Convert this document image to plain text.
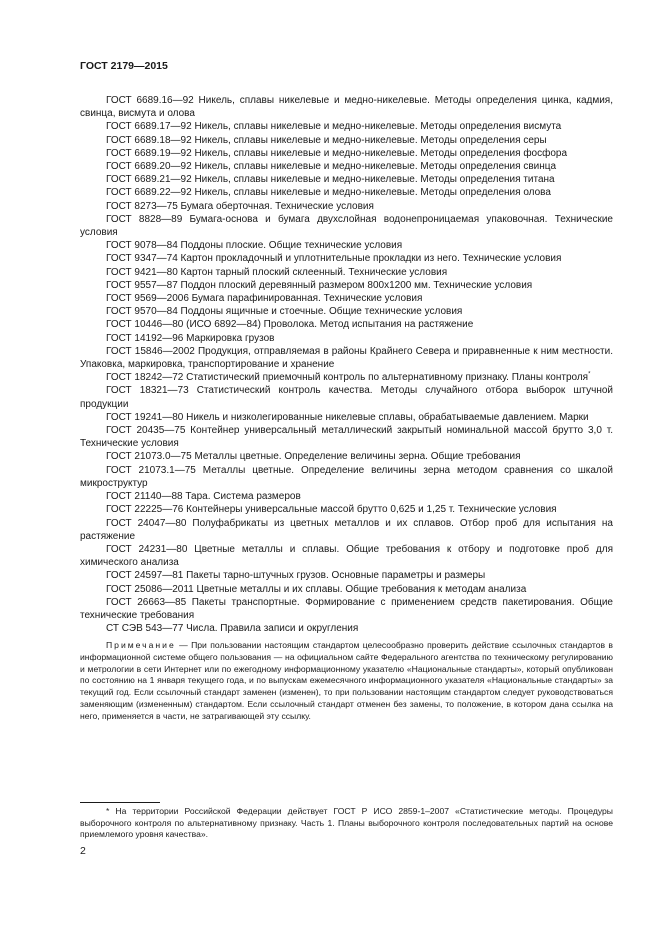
ГОСТ 2179—2015

ГОСТ 6689.16—92 Никель, сплавы никелевые и медно-никелевые. Методы определения цинка, кадмия, свинца, висмута и олова

ГОСТ 6689.17—92 Никель, сплавы никелевые и медно-никелевые. Методы определения висмута

ГОСТ 6689.18—92 Никель, сплавы никелевые и медно-никелевые. Методы определения серы

ГОСТ 6689.19—92 Никель, сплавы никелевые и медно-никелевые. Методы определения фосфора

ГОСТ 6689.20—92 Никель, сплавы никелевые и медно-никелевые. Методы определения свинца

ГОСТ 6689.21—92 Никель, сплавы никелевые и медно-никелевые. Методы определения титана

ГОСТ 6689.22—92 Никель, сплавы никелевые и медно-никелевые. Методы определения олова

ГОСТ 8273—75 Бумага оберточная. Технические условия

ГОСТ 8828—89 Бумага-основа и бумага двухслойная водонепроницаемая упаковочная. Технические условия

ГОСТ 9078—84 Поддоны плоские. Общие технические условия

ГОСТ 9347—74 Картон прокладочный и уплотнительные прокладки из него. Технические условия

ГОСТ 9421—80 Картон тарный плоский склеенный. Технические условия

ГОСТ 9557—87 Поддон плоский деревянный размером 800x1200 мм. Технические условия

ГОСТ 9569—2006 Бумага парафинированная. Технические условия

ГОСТ 9570—84 Поддоны ящичные и стоечные. Общие технические условия

ГОСТ 10446—80 (ИСО 6892—84) Проволока. Метод испытания на растяжение

ГОСТ 14192—96 Маркировка грузов

ГОСТ 15846—2002 Продукция, отправляемая в районы Крайнего Севера и приравненные к ним местности. Упаковка, маркировка, транспортирование и хранение

ГОСТ 18242—72 Статистический приемочный контроль по альтернативному признаку. Планы контроля*

ГОСТ 18321—73 Статистический контроль качества. Методы случайного отбора выборок штучной продукции

ГОСТ 19241—80 Никель и низколегированные никелевые сплавы, обрабатываемые давлением. Марки

ГОСТ 20435—75 Контейнер универсальный металлический закрытый номинальной массой брутто 3,0 т. Технические условия

ГОСТ 21073.0—75 Металлы цветные. Определение величины зерна. Общие требования

ГОСТ 21073.1—75 Металлы цветные. Определение величины зерна методом сравнения со шкалой микроструктур

ГОСТ 21140—88 Тара. Система размеров

ГОСТ 22225—76 Контейнеры универсальные массой брутто 0,625 и 1,25 т. Технические условия

ГОСТ 24047—80 Полуфабрикаты из цветных металлов и их сплавов. Отбор проб для испытания на растяжение

ГОСТ 24231—80 Цветные металлы и сплавы. Общие требования к отбору и подготовке проб для химического анализа

ГОСТ 24597—81 Пакеты тарно-штучных грузов. Основные параметры и размеры

ГОСТ 25086—2011 Цветные металлы и их сплавы. Общие требования к методам анализа

ГОСТ 26663—85 Пакеты транспортные. Формирование с применением средств пакетирования. Общие технические требования

СТ СЭВ 543—77 Числа. Правила записи и округления

Примечание — При пользовании настоящим стандартом целесообразно проверить действие ссылочных стандартов в информационной системе общего пользования — на официальном сайте Федерального агентства по техническому регулированию и метрологии в сети Интернет или по ежегодному информационному указателю «Национальные стандарты», который опубликован по состоянию на 1 января текущего года, и по выпускам ежемесячного информационного указателя «Национальные стандарты» за текущий год. Если ссылочный стандарт заменен (изменен), то при пользовании настоящим стандартом следует руководствоваться заменяющим (измененным) стандартом. Если ссылочный стандарт отменен без замены, то положение, в котором дана ссылка на него, применяется в части, не затрагивающей эту ссылку.

* На территории Российской Федерации действует ГОСТ Р ИСО 2859-1–2007 «Статистические методы. Процедуры выборочного контроля по альтернативному признаку. Часть 1. Планы выборочного контроля последовательных партий на основе приемлемого уровня качества».
2
